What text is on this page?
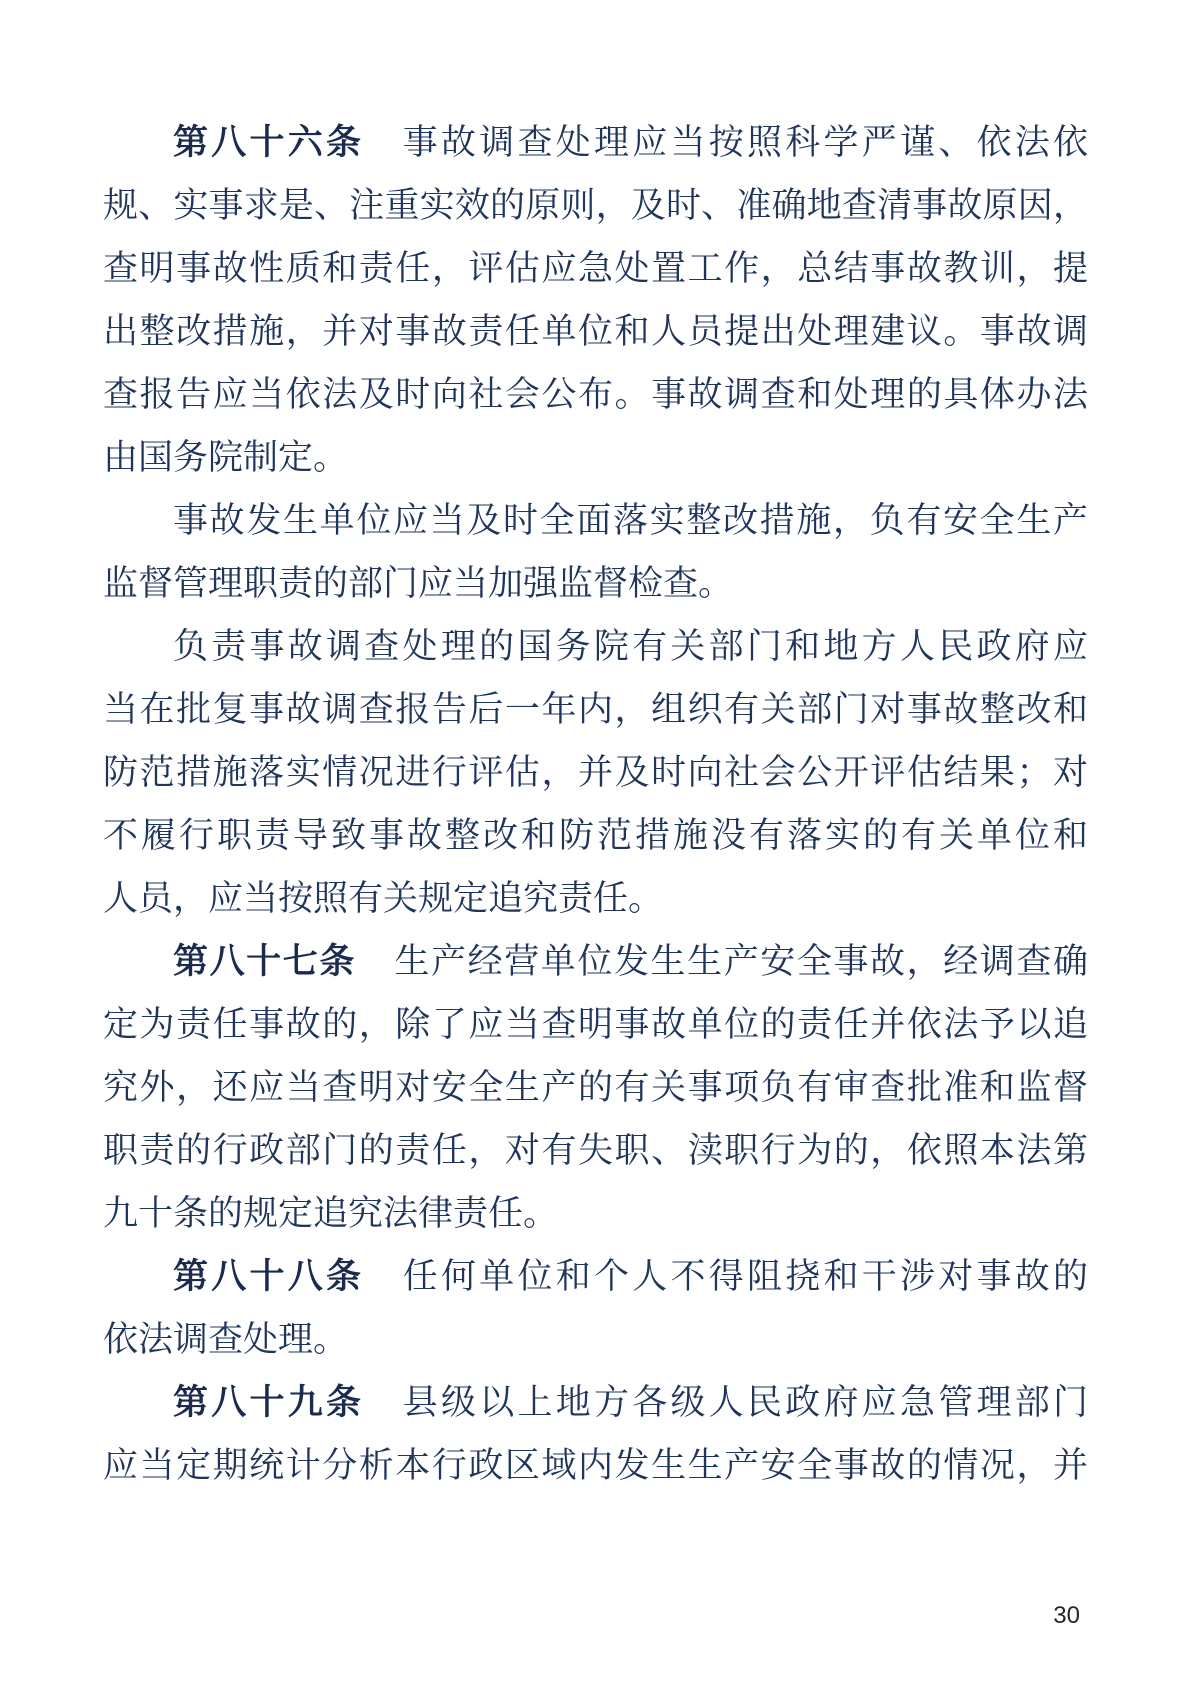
第八十六条 事故调查处理应当按照科学严谨、依法依
规、实事求是、注重实效的原则，及时、准确地查清事故原因，
查明事故性质和责任，评估应急处置工作，总结事故教训，提
出整改措施，并对事故责任单位和人员提出处理建议。事故调
查报告应当依法及时向社会公布。事故调查和处理的具体办法
由国务院制定。
事故发生单位应当及时全面落实整改措施，负有安全生产
监督管理职责的部门应当加强监督检查。
负责事故调查处理的国务院有关部门和地方人民政府应
当在批复事故调查报告后一年内，组织有关部门对事故整改和
防范措施落实情况进行评估，并及时向社会公开评估结果；对
不履行职责导致事故整改和防范措施没有落实的有关单位和
人员，应当按照有关规定追究责任。
第八十七条 生产经营单位发生生产安全事故，经调查确
定为责任事故的，除了应当查明事故单位的责任并依法予以追
究外，还应当查明对安全生产的有关事项负有审查批准和监督
职责的行政部门的责任，对有失职、渎职行为的，依照本法第
九十条的规定追究法律责任。
第八十八条 任何单位和个人不得阻挠和干涉对事故的
依法调查处理。
第八十九条 县级以上地方各级人民政府应急管理部门
应当定期统计分析本行政区域内发生生产安全事故的情况，并
30
